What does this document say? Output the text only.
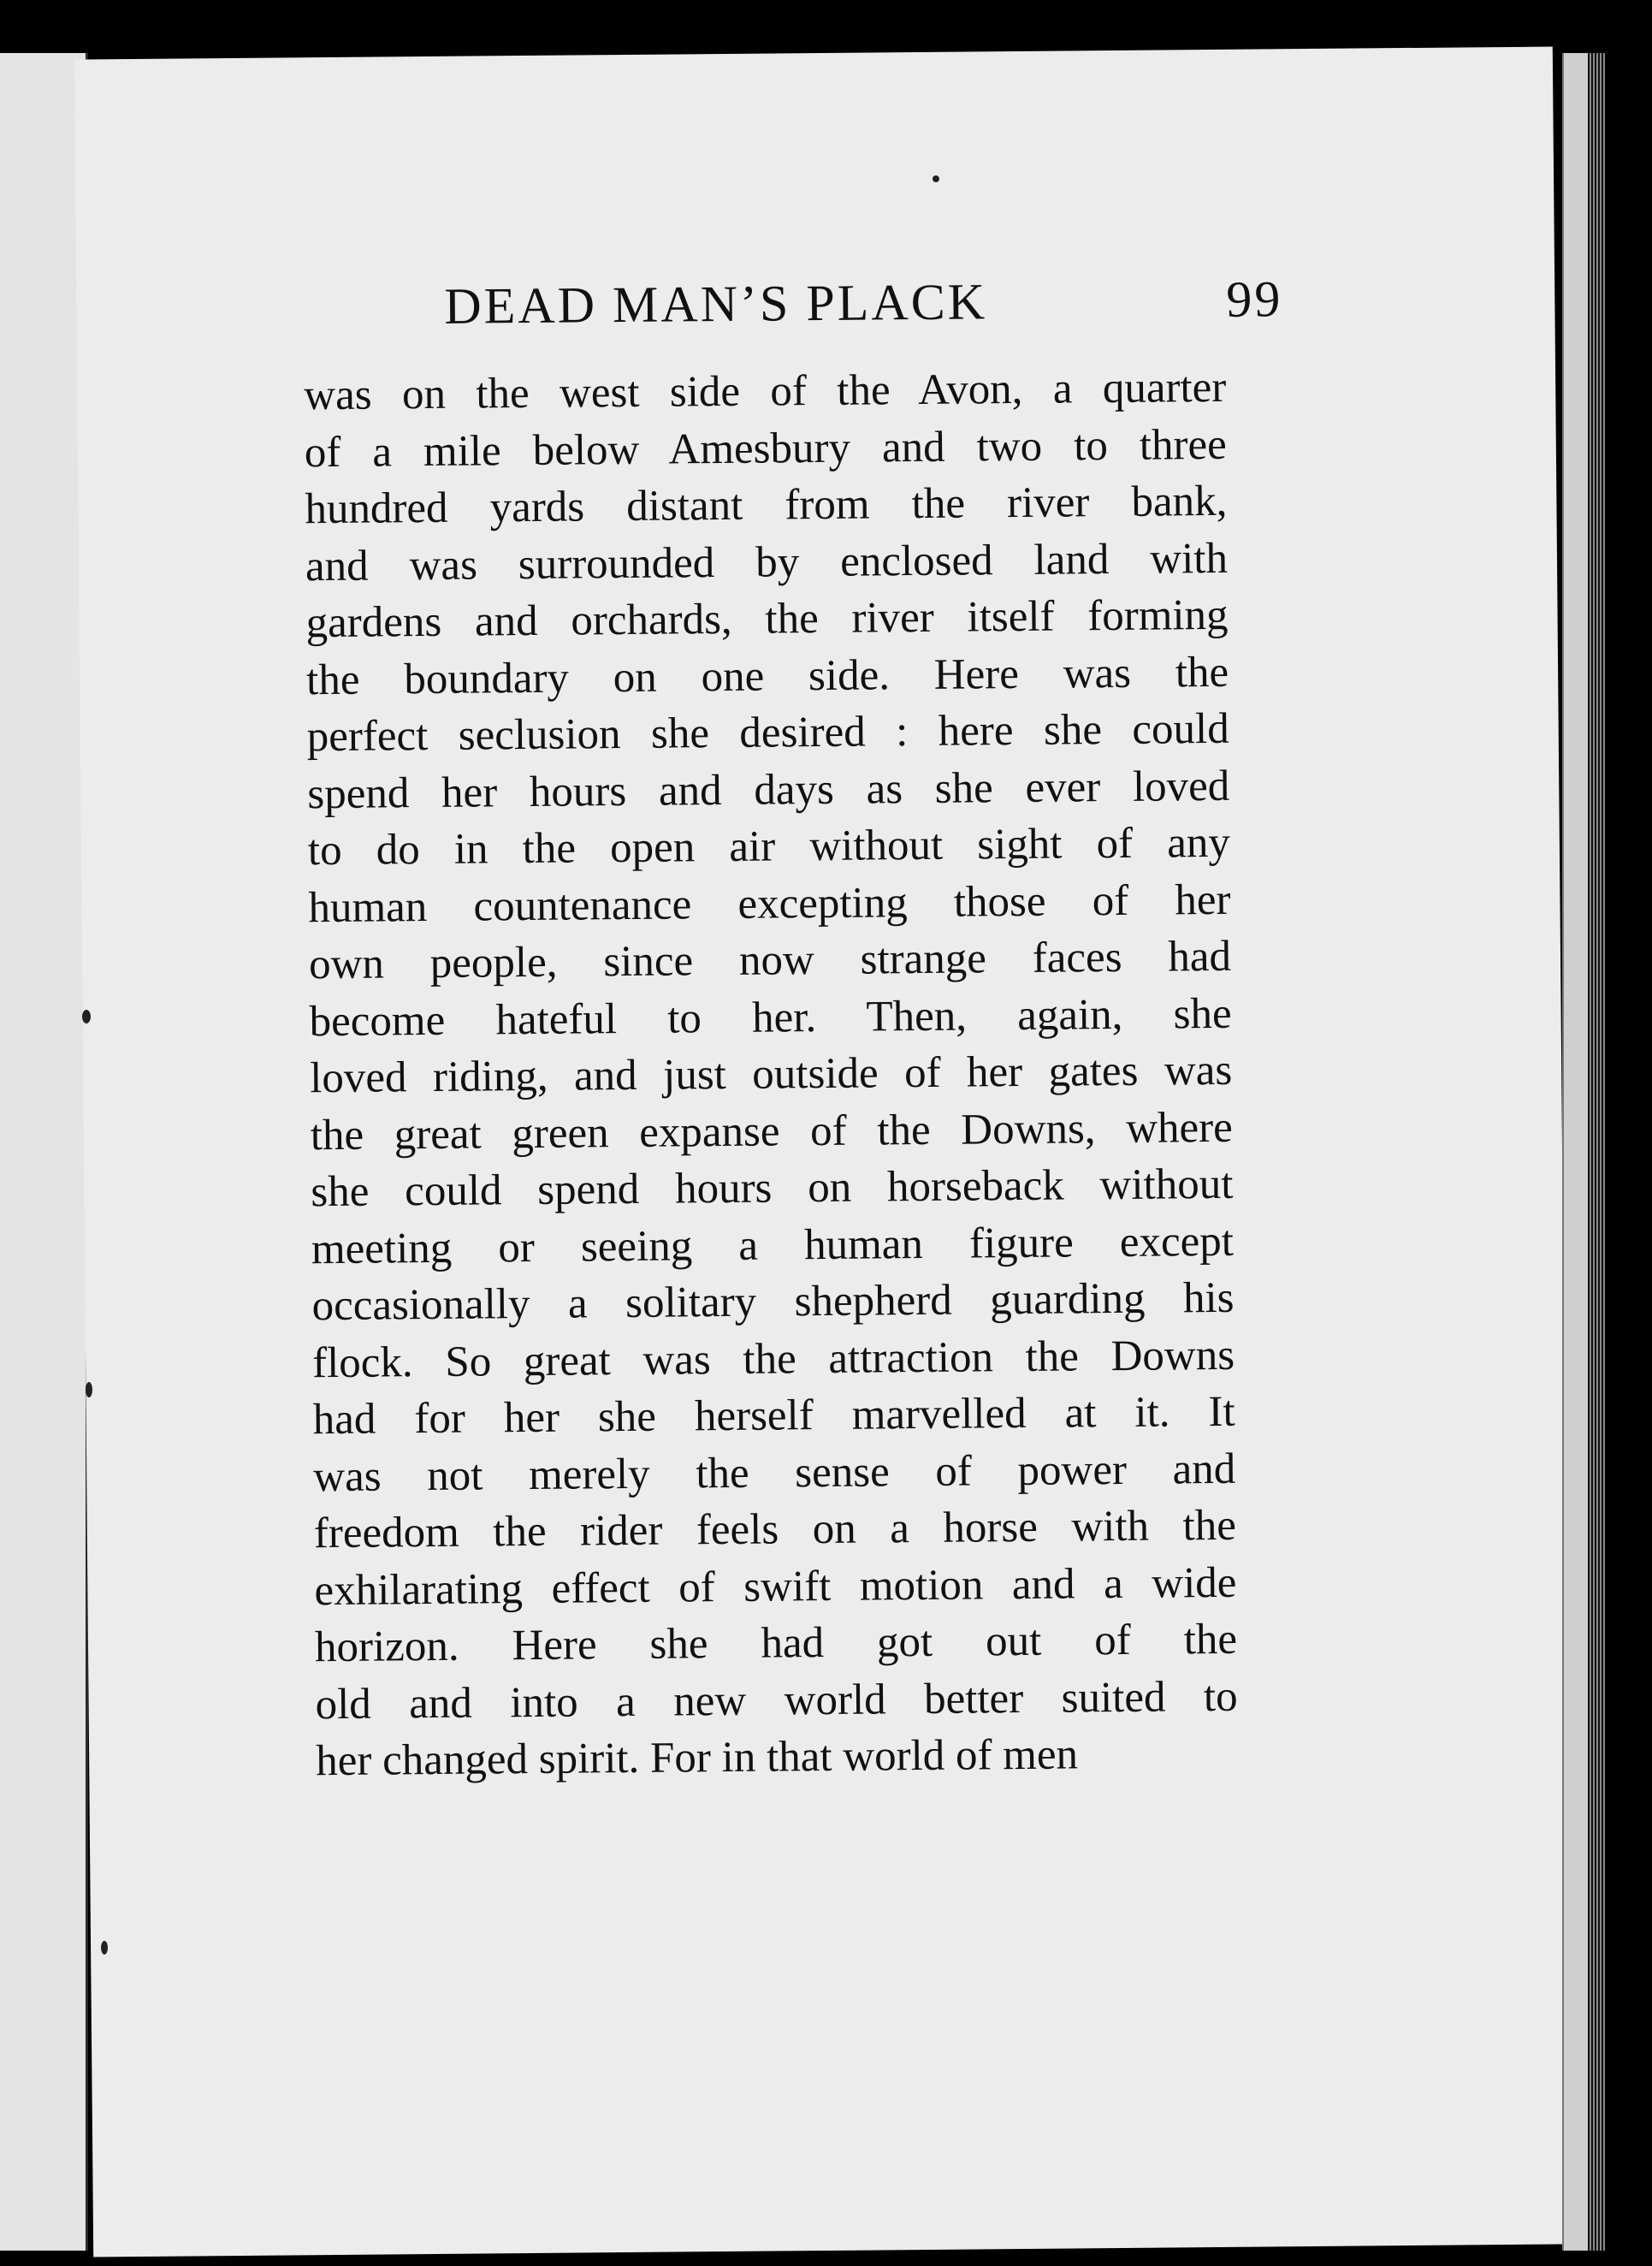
DEAD MAN’S PLACK	99
was on the west side of the Avon, a quarter
of a mile below Amesbury and two to three
hundred yards distant from the river bank,
and was surrounded by enclosed land with
gardens and orchards, the river itself forming
the boundary on one side. Here was the
perfect seclusion she desired : here she could
spend her hours and days as she ever loved
to do in the open air without sight of any
human countenance excepting those of her
own people, since now strange faces had
become hateful to her. Then, again, she
loved riding, and just outside of her gates was
the great green expanse of the Downs, where
she could spend hours on horseback without
meeting or seeing a human figure except
occasionally a solitary shepherd guarding his
flock. So great was the attraction the Downs
had for her she herself marvelled at it. It
was not merely the sense of power and
freedom the rider feels on a horse with the
exhilarating effect of swift motion and a wide
horizon. Here she had got out of the
old and into a new world better suited to
her changed spirit. For in that world of men
